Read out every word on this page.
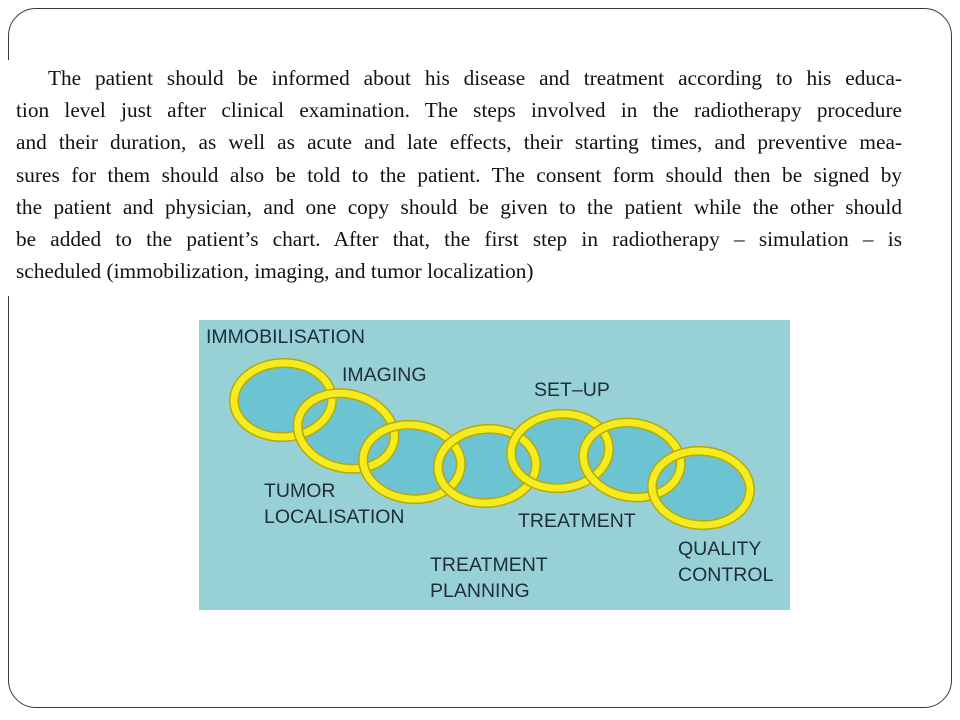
The patient should be informed about his disease and treatment according to his educa-
tion level just after clinical examination. The steps involved in the radiotherapy procedure
and their duration, as well as acute and late effects, their starting times, and preventive mea-
sures for them should also be told to the patient. The consent form should then be signed by
the patient and physician, and one copy should be given to the patient while the other should
be added to the patient’s chart. After that, the first step in radiotherapy – simulation – is
scheduled (immobilization, imaging, and tumor localization)
IMMOBILISATION
IMAGING
SET–UP
TUMOR
LOCALISATION	TREATMENT
TREATMENT
PLANNING
QUALITY
CONTROL
